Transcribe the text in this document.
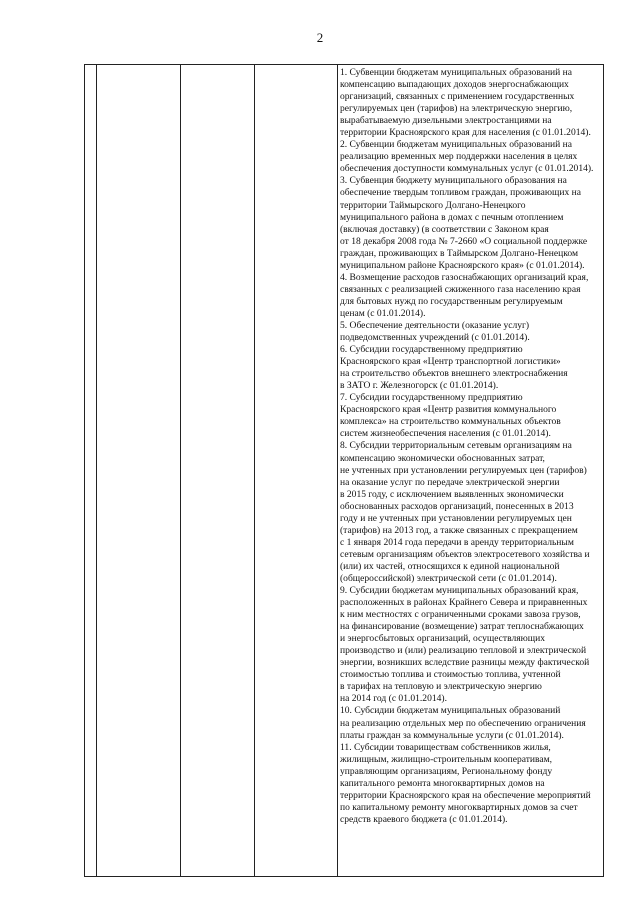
2
1. Субвенции бюджетам муниципальных образований на
компенсацию выпадающих доходов энергоснабжающих
организаций, связанных с применением государственных
регулируемых цен (тарифов) на электрическую энергию,
вырабатываемую дизельными электростанциями на
территории Красноярского края для населения (с 01.01.2014).
2. Субвенции бюджетам муниципальных образований на
реализацию временных мер поддержки населения в целях
обеспечения доступности коммунальных услуг (с 01.01.2014).
3. Субвенция бюджету муниципального образования на
обеспечение твердым топливом граждан, проживающих на
территории Таймырского Долгано-Ненецкого
муниципального района в домах с печным отоплением
(включая доставку) (в соответствии с Законом края
от 18 декабря 2008 года № 7-2660 «О социальной поддержке
граждан, проживающих в Таймырском Долгано-Ненецком
муниципальном районе Красноярского края» (с 01.01.2014).
4. Возмещение расходов газоснабжающих организаций края,
связанных с реализацией сжиженного газа населению края
для бытовых нужд по государственным регулируемым
ценам (с 01.01.2014).
5. Обеспечение деятельности (оказание услуг)
подведомственных учреждений (с 01.01.2014).
6. Субсидии государственному предприятию
Красноярского края «Центр транспортной логистики»
на строительство объектов внешнего электроснабжения
в ЗАТО г. Железногорск (с 01.01.2014).
7. Субсидии государственному предприятию
Красноярского края «Центр развития коммунального
комплекса» на строительство коммунальных объектов
систем жизнеобеспечения населения (с 01.01.2014).
8. Субсидии территориальным сетевым организациям на
компенсацию экономически обоснованных затрат,
не учтенных при установлении регулируемых цен (тарифов)
на оказание услуг по передаче электрической энергии
в 2015 году, с исключением выявленных экономически
обоснованных расходов организаций, понесенных в 2013
году и не учтенных при установлении регулируемых цен
(тарифов) на 2013 год, а также связанных с прекращением
с 1 января 2014 года передачи в аренду территориальным
сетевым организациям объектов электросетевого хозяйства и
(или) их частей, относящихся к единой национальной
(общероссийской) электрической сети (с 01.01.2014).
9. Субсидии бюджетам муниципальных образований края,
расположенных в районах Крайнего Севера и приравненных
к ним местностях с ограниченными сроками завоза грузов,
на финансирование (возмещение) затрат теплоснабжающих
и энергосбытовых организаций, осуществляющих
производство и (или) реализацию тепловой и электрической
энергии, возникших вследствие разницы между фактической
стоимостью топлива и стоимостью топлива, учтенной
в тарифах на тепловую и электрическую энергию
на 2014 год (с 01.01.2014).
10. Субсидии бюджетам муниципальных образований
на реализацию отдельных мер по обеспечению ограничения
платы граждан за коммунальные услуги (с 01.01.2014).
11. Субсидии товариществам собственников жилья,
жилищным, жилищно-строительным кооперативам,
управляющим организациям, Региональному фонду
капитального ремонта многоквартирных домов на
территории Красноярского края на обеспечение мероприятий
по капитальному ремонту многоквартирных домов за счет
средств краевого бюджета (с 01.01.2014).
